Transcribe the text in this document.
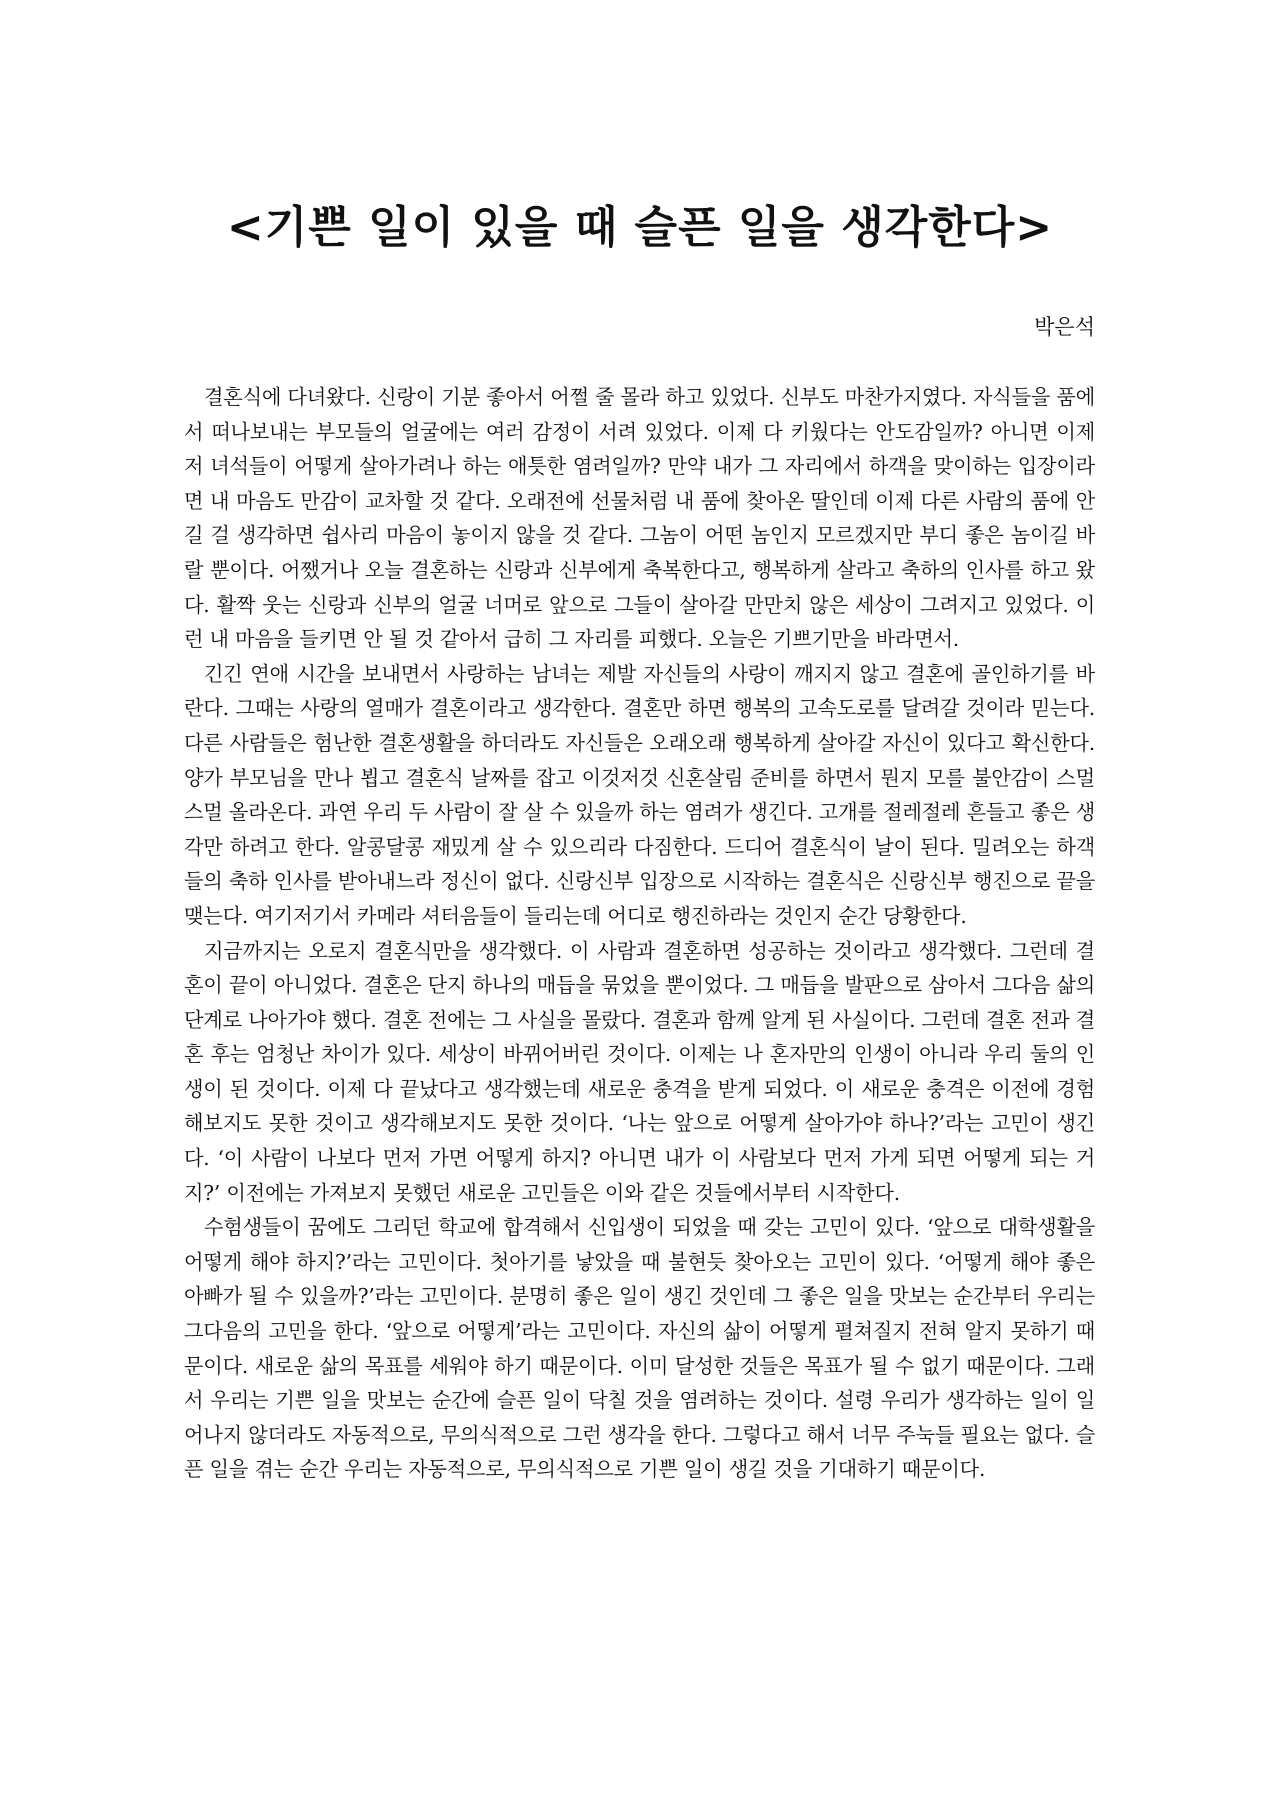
<기쁜 일이 있을 때 슬픈 일을 생각한다>
박은석

결혼식에 다녀왔다. 신랑이 기분 좋아서 어쩔 줄 몰라 하고 있었다. 신부도 마찬가지였다. 자식들을 품에서 떠나보내는 부모들의 얼굴에는 여러 감정이 서려 있었다. 이제 다 키웠다는 안도감일까? 아니면 이제 저 녀석들이 어떻게 살아가려나 하는 애틋한 염려일까? 만약 내가 그 자리에서 하객을 맞이하는 입장이라면 내 마음도 만감이 교차할 것 같다. 오래전에 선물처럼 내 품에 찾아온 딸인데 이제 다른 사람의 품에 안길 걸 생각하면 쉽사리 마음이 놓이지 않을 것 같다. 그놈이 어떤 놈인지 모르겠지만 부디 좋은 놈이길 바랄 뿐이다. 어쨌거나 오늘 결혼하는 신랑과 신부에게 축복한다고, 행복하게 살라고 축하의 인사를 하고 왔다. 활짝 웃는 신랑과 신부의 얼굴 너머로 앞으로 그들이 살아갈 만만치 않은 세상이 그려지고 있었다. 이런 내 마음을 들키면 안 될 것 같아서 급히 그 자리를 피했다. 오늘은 기쁘기만을 바라면서.

긴긴 연애 시간을 보내면서 사랑하는 남녀는 제발 자신들의 사랑이 깨지지 않고 결혼에 골인하기를 바란다. 그때는 사랑의 열매가 결혼이라고 생각한다. 결혼만 하면 행복의 고속도로를 달려갈 것이라 믿는다. 다른 사람들은 험난한 결혼생활을 하더라도 자신들은 오래오래 행복하게 살아갈 자신이 있다고 확신한다. 양가 부모님을 만나 뵙고 결혼식 날짜를 잡고 이것저것 신혼살림 준비를 하면서 뭔지 모를 불안감이 스멀스멀 올라온다. 과연 우리 두 사람이 잘 살 수 있을까 하는 염려가 생긴다. 고개를 절레절레 흔들고 좋은 생각만 하려고 한다. 알콩달콩 재밌게 살 수 있으리라 다짐한다. 드디어 결혼식이 날이 된다. 밀려오는 하객들의 축하 인사를 받아내느라 정신이 없다. 신랑신부 입장으로 시작하는 결혼식은 신랑신부 행진으로 끝을 맺는다. 여기저기서 카메라 셔터음들이 들리는데 어디로 행진하라는 것인지 순간 당황한다.

지금까지는 오로지 결혼식만을 생각했다. 이 사람과 결혼하면 성공하는 것이라고 생각했다. 그런데 결혼이 끝이 아니었다. 결혼은 단지 하나의 매듭을 묶었을 뿐이었다. 그 매듭을 발판으로 삼아서 그다음 삶의 단계로 나아가야 했다. 결혼 전에는 그 사실을 몰랐다. 결혼과 함께 알게 된 사실이다. 그런데 결혼 전과 결혼 후는 엄청난 차이가 있다. 세상이 바뀌어버린 것이다. 이제는 나 혼자만의 인생이 아니라 우리 둘의 인생이 된 것이다. 이제 다 끝났다고 생각했는데 새로운 충격을 받게 되었다. 이 새로운 충격은 이전에 경험해보지도 못한 것이고 생각해보지도 못한 것이다. ‘나는 앞으로 어떻게 살아가야 하나?’라는 고민이 생긴다. ‘이 사람이 나보다 먼저 가면 어떻게 하지? 아니면 내가 이 사람보다 먼저 가게 되면 어떻게 되는 거지?’ 이전에는 가져보지 못했던 새로운 고민들은 이와 같은 것들에서부터 시작한다.

수험생들이 꿈에도 그리던 학교에 합격해서 신입생이 되었을 때 갖는 고민이 있다. ‘앞으로 대학생활을 어떻게 해야 하지?’라는 고민이다. 첫아기를 낳았을 때 불현듯 찾아오는 고민이 있다. ‘어떻게 해야 좋은 아빠가 될 수 있을까?’라는 고민이다. 분명히 좋은 일이 생긴 것인데 그 좋은 일을 맛보는 순간부터 우리는 그다음의 고민을 한다. ‘앞으로 어떻게’라는 고민이다. 자신의 삶이 어떻게 펼쳐질지 전혀 알지 못하기 때문이다. 새로운 삶의 목표를 세워야 하기 때문이다. 이미 달성한 것들은 목표가 될 수 없기 때문이다. 그래서 우리는 기쁜 일을 맛보는 순간에 슬픈 일이 닥칠 것을 염려하는 것이다. 설령 우리가 생각하는 일이 일어나지 않더라도 자동적으로, 무의식적으로 그런 생각을 한다. 그렇다고 해서 너무 주눅들 필요는 없다. 슬픈 일을 겪는 순간 우리는 자동적으로, 무의식적으로 기쁜 일이 생길 것을 기대하기 때문이다.
